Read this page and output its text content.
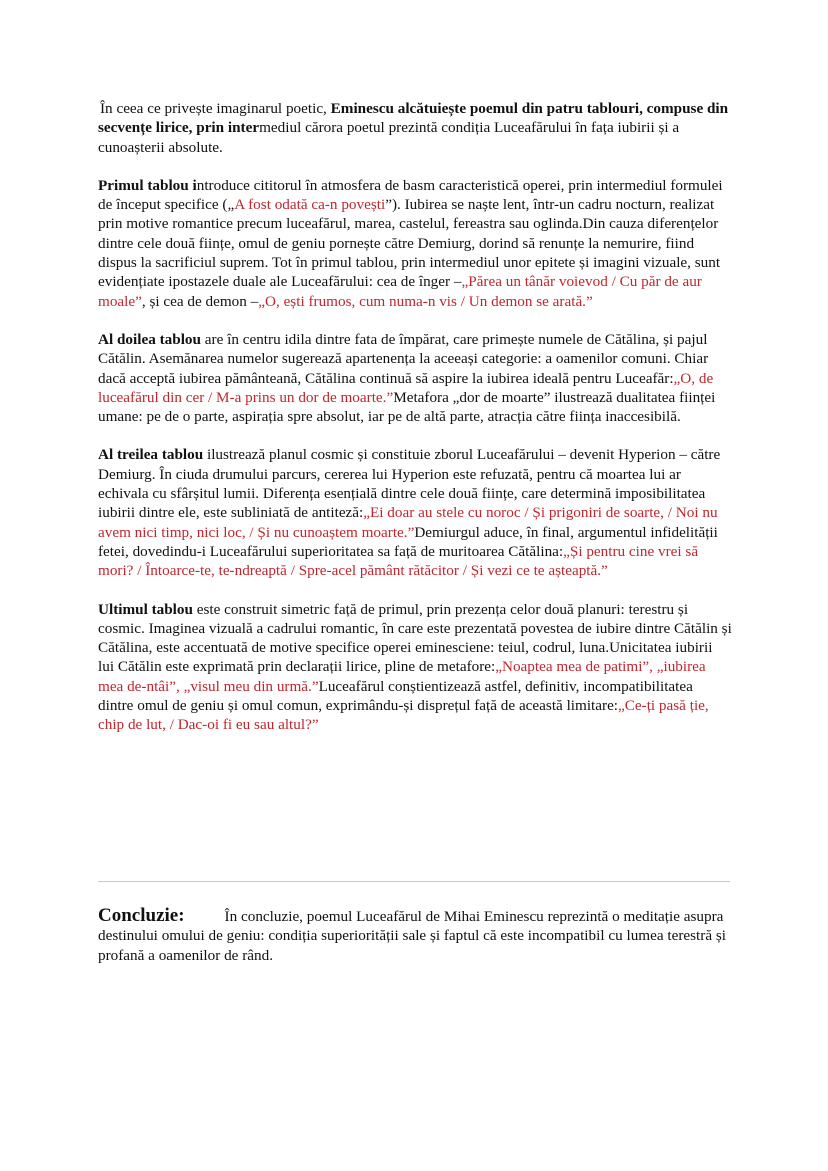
În ceea ce privește imaginarul poetic, Eminescu alcătuiește poemul din patru tablouri, compuse din secvențe lirice, prin intermediul cărora poetul prezintă condiția Luceafărului în fața iubirii și a cunoașterii absolute.

Primul tablou introduce cititorul în atmosfera de basm caracteristică operei, prin intermediul formulei de început specifice („A fost odată ca-n povești”). Iubirea se naște lent, într-un cadru nocturn, realizat prin motive romantice precum luceafărul, marea, castelul, fereastra sau oglinda.Din cauza diferențelor dintre cele două ființe, omul de geniu pornește către Demiurg, dorind să renunțe la nemurire, fiind dispus la sacrificiul suprem. Tot în primul tablou, prin intermediul unor epitete și imagini vizuale, sunt evidențiate ipostazele duale ale Luceafărului: cea de înger –„Părea un tânăr voievod / Cu păr de aur moale”, și cea de demon –„O, ești frumos, cum numa-n vis / Un demon se arată.”

Al doilea tablou are în centru idila dintre fata de împărat, care primește numele de Cătălina, și pajul Cătălin. Asemănarea numelor sugerează apartenența la aceeași categorie: a oamenilor comuni. Chiar dacă acceptă iubirea pământeană, Cătălina continuă să aspire la iubirea ideală pentru Luceafăr:„O, de luceafărul din cer / M-a prins un dor de moarte.”Metafora „dor de moarte” ilustrează dualitatea ființei umane: pe de o parte, aspirația spre absolut, iar pe de altă parte, atracția către ființa inaccesibilă.

Al treilea tablou ilustrează planul cosmic și constituie zborul Luceafărului – devenit Hyperion – către Demiurg. În ciuda drumului parcurs, cererea lui Hyperion este refuzată, pentru că moartea lui ar echivala cu sfârșitul lumii. Diferența esențială dintre cele două ființe, care determină imposibilitatea iubirii dintre ele, este subliniată de antiteză:„Ei doar au stele cu noroc / Și prigoniri de soarte, / Noi nu avem nici timp, nici loc, / Și nu cunoaștem moarte.”Demiurgul aduce, în final, argumentul infidelității fetei, dovedindu-i Luceafărului superioritatea sa față de muritoarea Cătălina:„Și pentru cine vrei să mori? / Întoarce-te, te-ndreaptă / Spre-acel pământ rătăcitor / Și vezi ce te așteaptă.”

Ultimul tablou este construit simetric față de primul, prin prezența celor două planuri: terestru și cosmic. Imaginea vizuală a cadrului romantic, în care este prezentată povestea de iubire dintre Cătălin și Cătălina, este accentuată de motive specifice operei eminesciene: teiul, codrul, luna.Unicitatea iubirii lui Cătălin este exprimată prin declarații lirice, pline de metafore:„Noaptea mea de patimi”, „iubirea mea de-ntâi”, „visul meu din urmă.”Luceafărul conștientizează astfel, definitiv, incompatibilitatea dintre omul de geniu și omul comun, exprimându-și disprețul față de această limitare:„Ce-ți pasă ție, chip de lut, / Dac-oi fi eu sau altul?”

Concluzie:	În concluzie, poemul Luceafărul de Mihai Eminescu reprezintă o meditație asupra destinului omului de geniu: condiția superiorității sale și faptul că este incompatibil cu lumea terestră și profană a oamenilor de rând.
